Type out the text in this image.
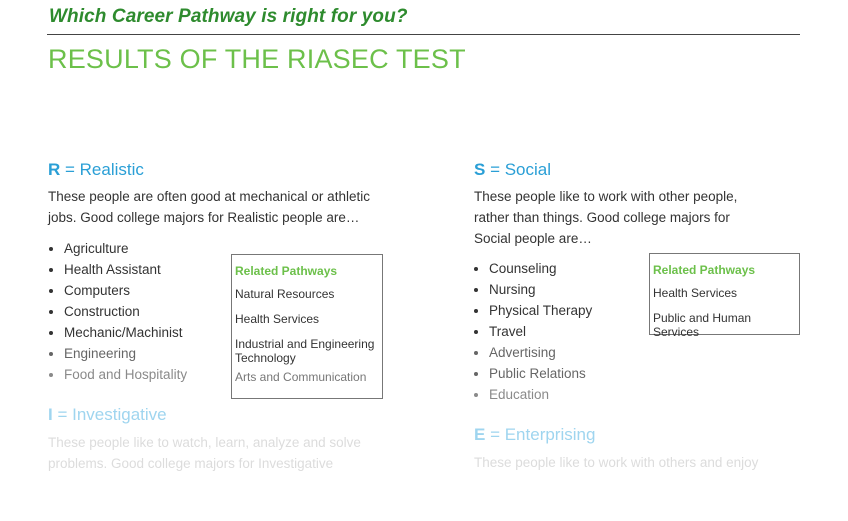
Which Career Pathway is right for you?
RESULTS OF THE RIASEC TEST
R = Realistic
These people are often good at mechanical or athletic
jobs. Good college majors for Realistic people are…
Agriculture
Health Assistant
Computers
Construction
Mechanic/Machinist
Engineering
Food and Hospitality
Related Pathways
Natural Resources
Health Services
Industrial and Engineering Technology
Arts and Communication
I = Investigative
These people like to watch, learn, analyze and solve
problems. Good college majors for Investigative
S = Social
These people like to work with other people,
rather than things. Good college majors for
Social people are…
Counseling
Nursing
Physical Therapy
Travel
Advertising
Public Relations
Education
Related Pathways
Health Services
Public and Human Services
E = Enterprising
These people like to work with others and enjoy
